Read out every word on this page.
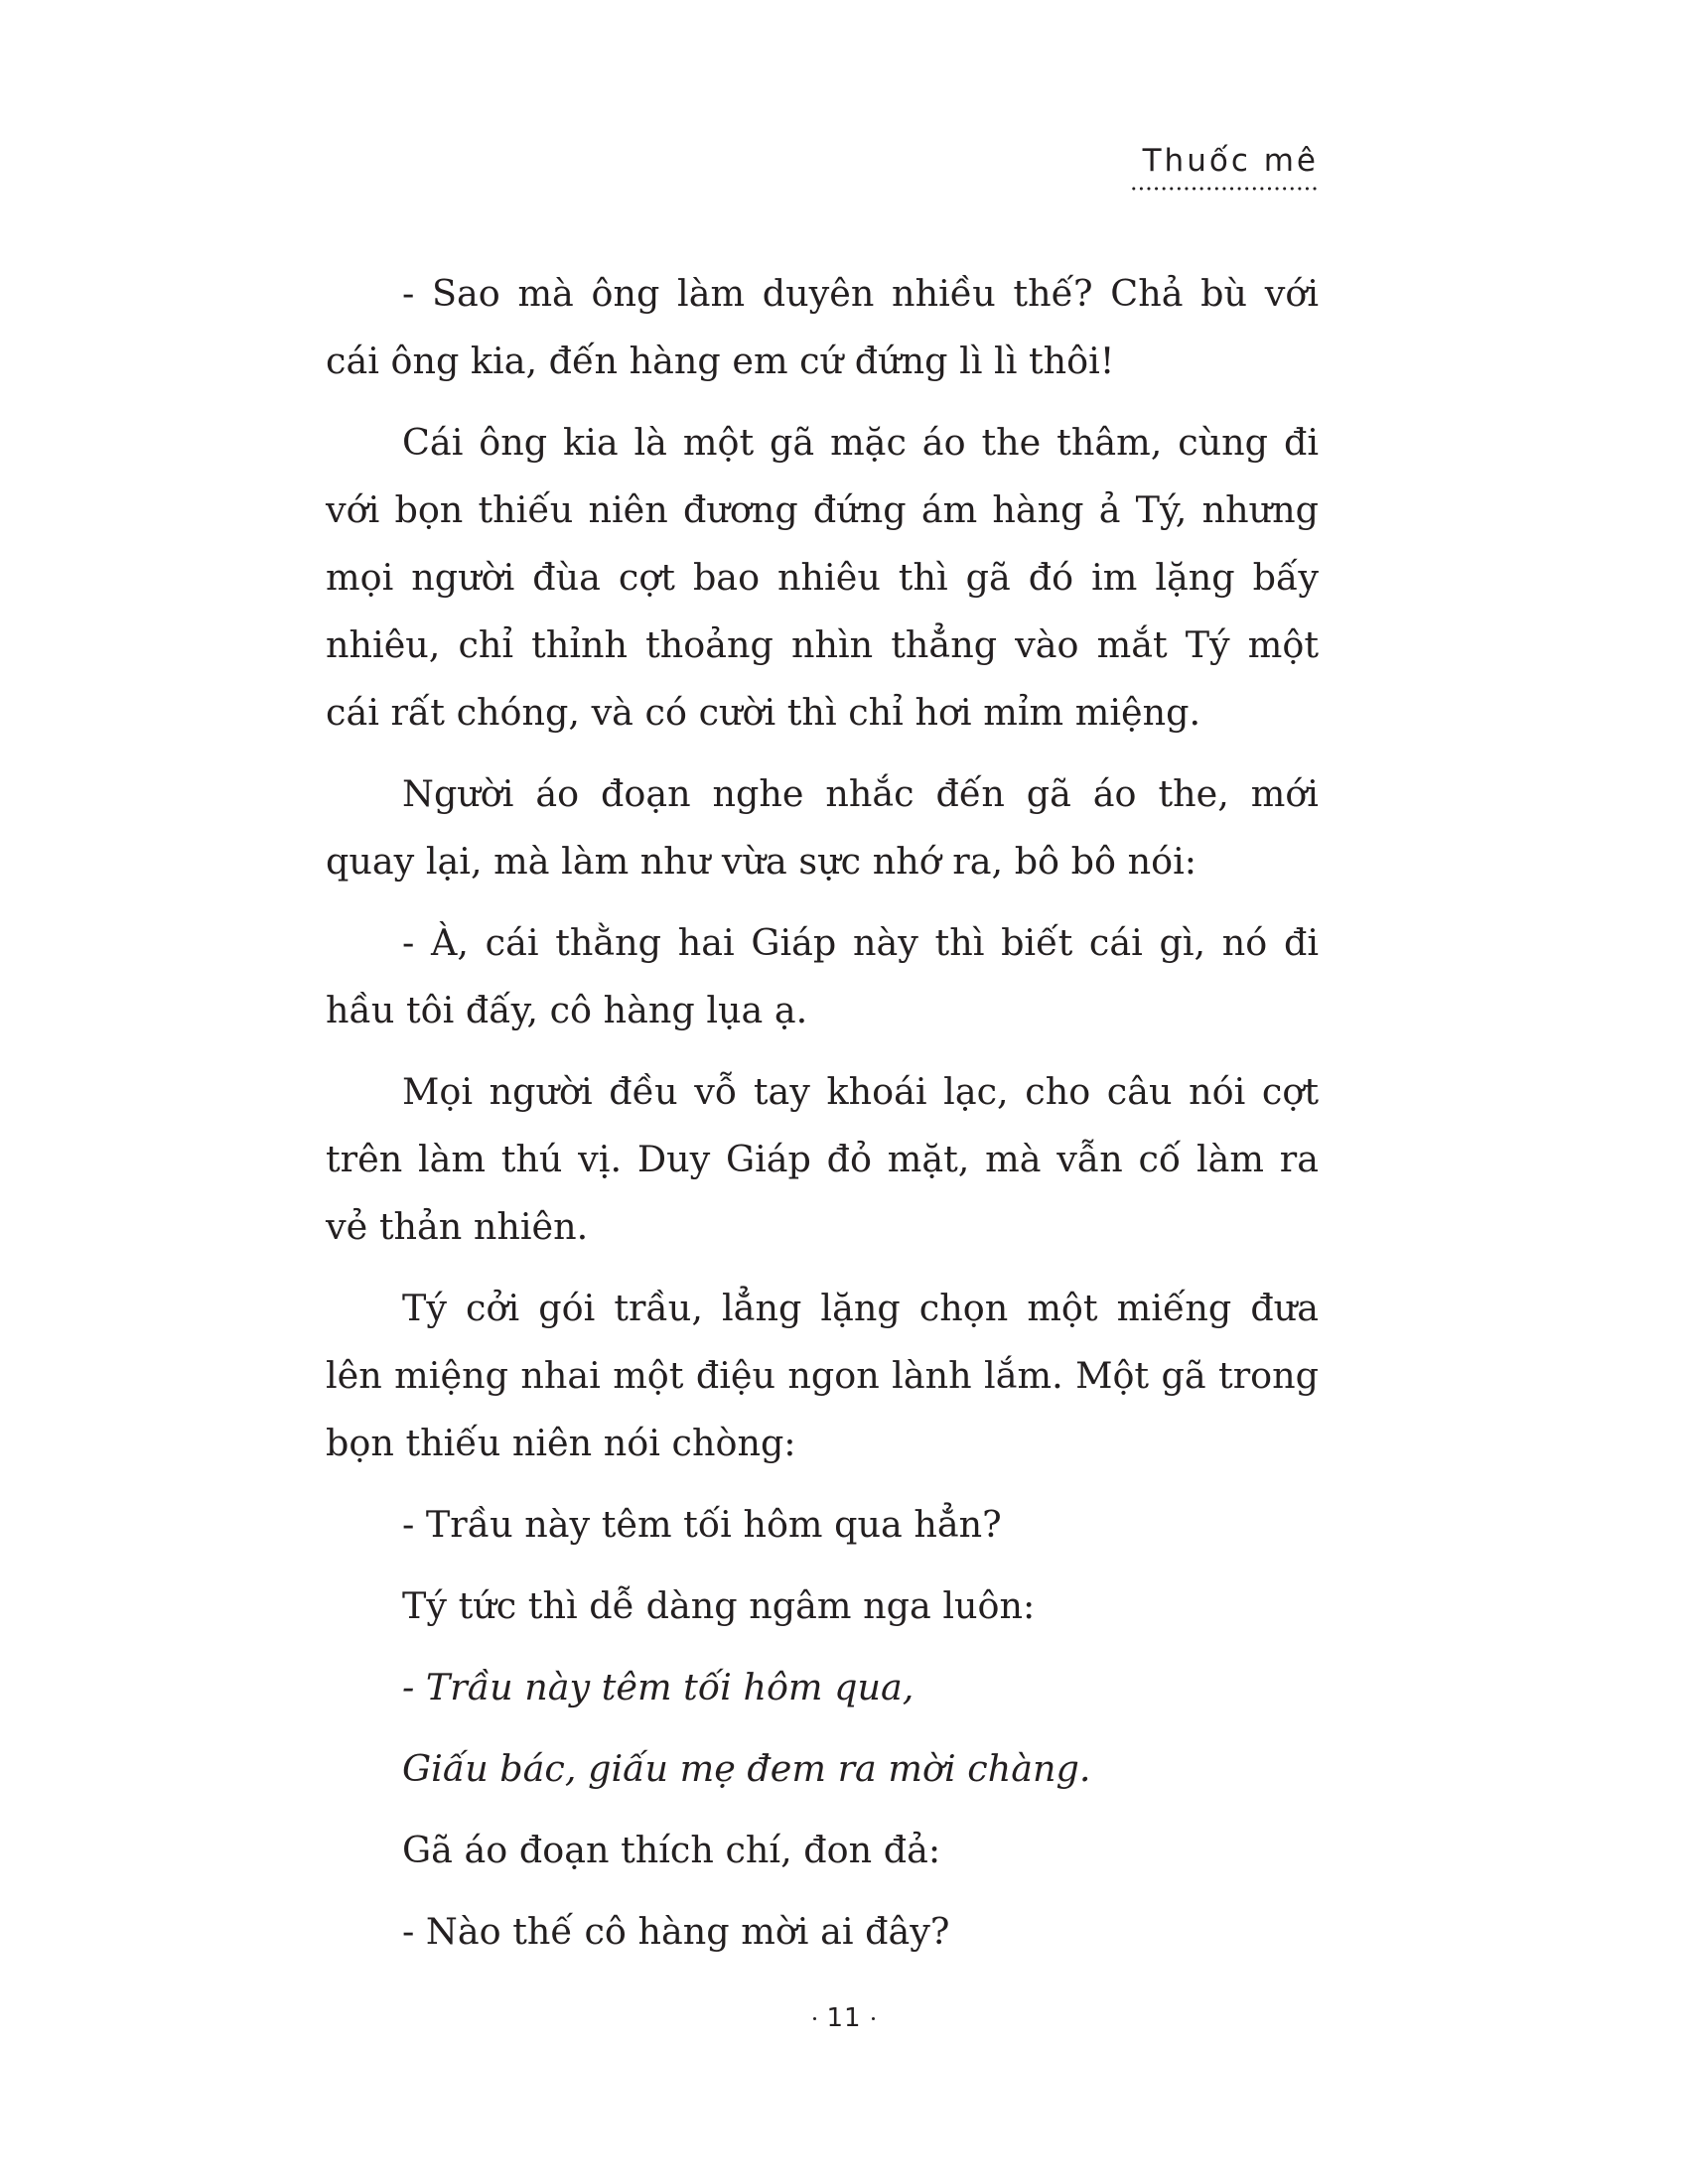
Thuốc mê

- Sao mà ông làm duyên nhiều thế? Chả bù với cái ông kia, đến hàng em cứ đứng lì lì thôi!

Cái ông kia là một gã mặc áo the thâm, cùng đi với bọn thiếu niên đương đứng ám hàng ả Tý, nhưng mọi người đùa cợt bao nhiêu thì gã đó im lặng bấy nhiêu, chỉ thỉnh thoảng nhìn thẳng vào mắt Tý một cái rất chóng, và có cười thì chỉ hơi mỉm miệng.

Người áo đoạn nghe nhắc đến gã áo the, mới quay lại, mà làm như vừa sực nhớ ra, bô bô nói:

- À, cái thằng hai Giáp này thì biết cái gì, nó đi hầu tôi đấy, cô hàng lụa ạ.

Mọi người đều vỗ tay khoái lạc, cho câu nói cợt trên làm thú vị. Duy Giáp đỏ mặt, mà vẫn cố làm ra vẻ thản nhiên.

Tý cởi gói trầu, lẳng lặng chọn một miếng đưa lên miệng nhai một điệu ngon lành lắm. Một gã trong bọn thiếu niên nói chòng:

- Trầu này têm tối hôm qua hẳn?

Tý tức thì dễ dàng ngâm nga luôn:

- Trầu này têm tối hôm qua,

Giấu bác, giấu mẹ đem ra mời chàng.

Gã áo đoạn thích chí, đon đả:

- Nào thế cô hàng mời ai đây?

11
